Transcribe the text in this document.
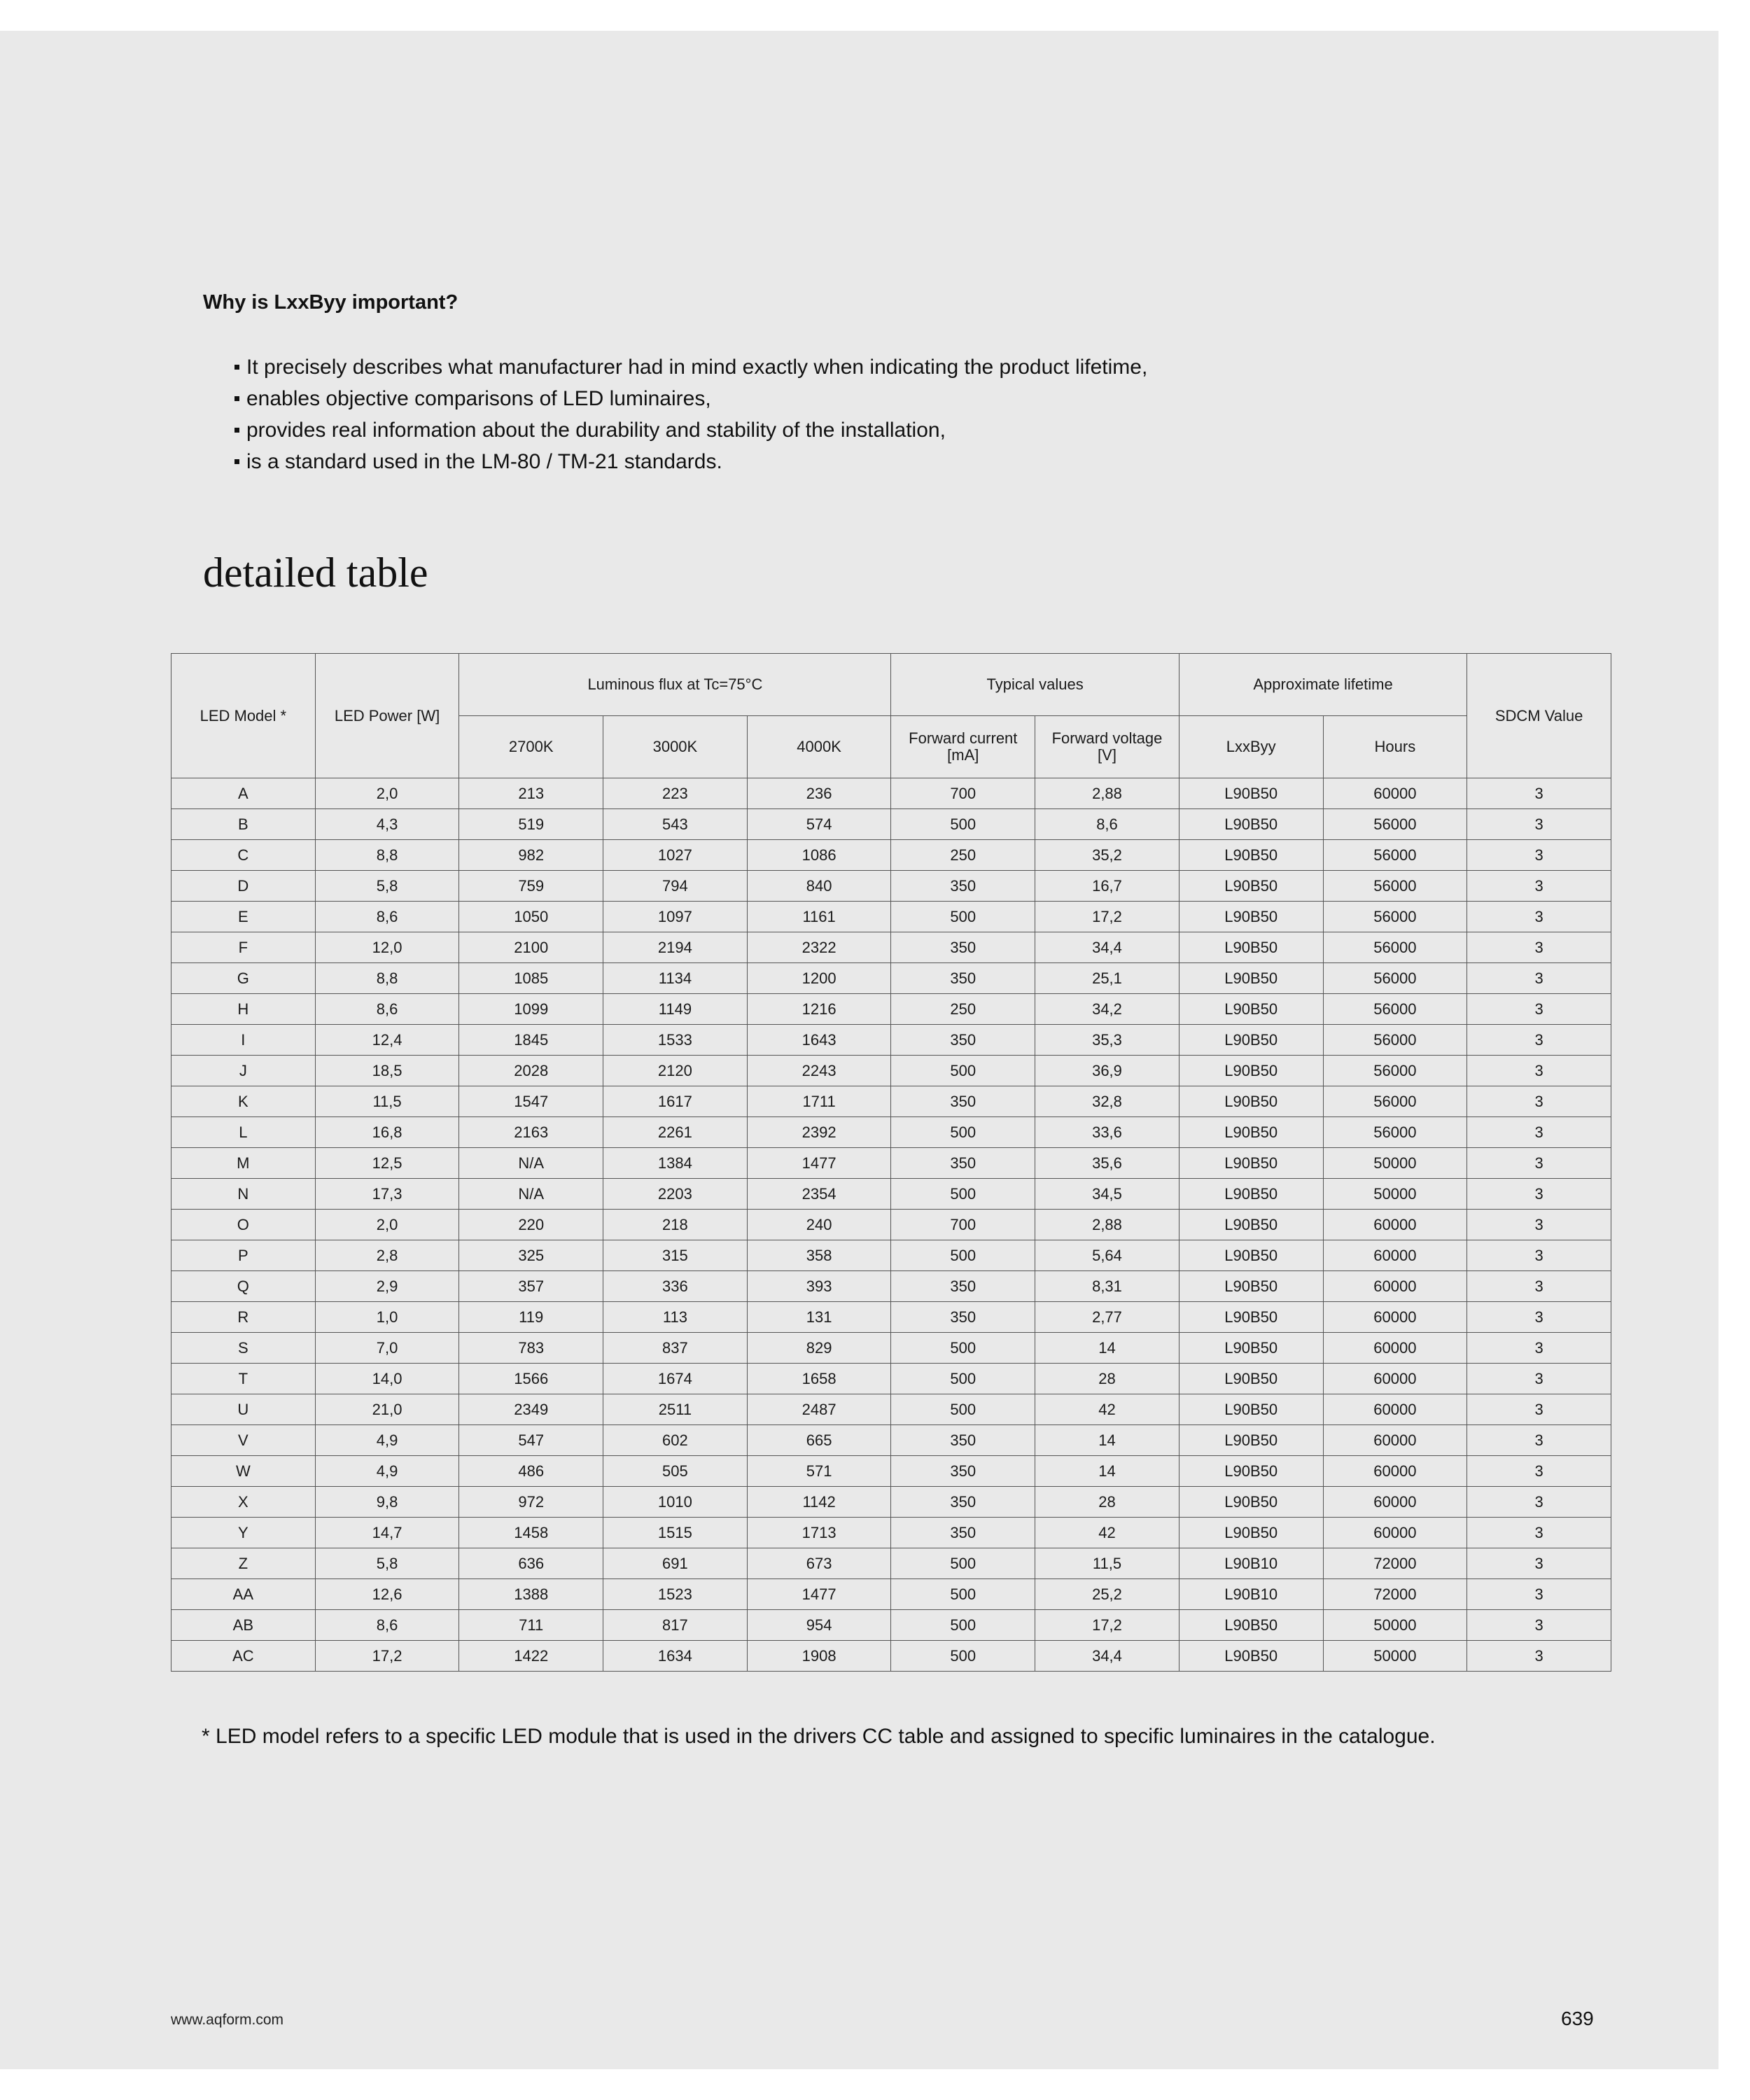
Why is LxxByy important?
It precisely describes what manufacturer had in mind exactly when indicating the product lifetime,
enables objective comparisons of LED luminaires,
provides real information about the durability and stability of the installation,
is a standard used in the LM-80 / TM-21 standards.
detailed table
LED Model *	LED Power [W]	Luminous flux at Tc=75°C			Typical values		Approximate lifetime		SDCM Value
		2700K	3000K	4000K	Forward current [mA]	Forward voltage [V]	LxxByy	Hours	
A	2,0	213	223	236	700	2,88	L90B50	60000	3
B	4,3	519	543	574	500	8,6	L90B50	56000	3
C	8,8	982	1027	1086	250	35,2	L90B50	56000	3
D	5,8	759	794	840	350	16,7	L90B50	56000	3
E	8,6	1050	1097	1161	500	17,2	L90B50	56000	3
F	12,0	2100	2194	2322	350	34,4	L90B50	56000	3
G	8,8	1085	1134	1200	350	25,1	L90B50	56000	3
H	8,6	1099	1149	1216	250	34,2	L90B50	56000	3
I	12,4	1845	1533	1643	350	35,3	L90B50	56000	3
J	18,5	2028	2120	2243	500	36,9	L90B50	56000	3
K	11,5	1547	1617	1711	350	32,8	L90B50	56000	3
L	16,8	2163	2261	2392	500	33,6	L90B50	56000	3
M	12,5	N/A	1384	1477	350	35,6	L90B50	50000	3
N	17,3	N/A	2203	2354	500	34,5	L90B50	50000	3
O	2,0	220	218	240	700	2,88	L90B50	60000	3
P	2,8	325	315	358	500	5,64	L90B50	60000	3
Q	2,9	357	336	393	350	8,31	L90B50	60000	3
R	1,0	119	113	131	350	2,77	L90B50	60000	3
S	7,0	783	837	829	500	14	L90B50	60000	3
T	14,0	1566	1674	1658	500	28	L90B50	60000	3
U	21,0	2349	2511	2487	500	42	L90B50	60000	3
V	4,9	547	602	665	350	14	L90B50	60000	3
W	4,9	486	505	571	350	14	L90B50	60000	3
X	9,8	972	1010	1142	350	28	L90B50	60000	3
Y	14,7	1458	1515	1713	350	42	L90B50	60000	3
Z	5,8	636	691	673	500	11,5	L90B10	72000	3
AA	12,6	1388	1523	1477	500	25,2	L90B10	72000	3
AB	8,6	711	817	954	500	17,2	L90B50	50000	3
AC	17,2	1422	1634	1908	500	34,4	L90B50	50000	3

* LED model refers to a specific LED module that is used in the drivers CC table and assigned to specific luminaires in the catalogue.

www.aqform.com	639
